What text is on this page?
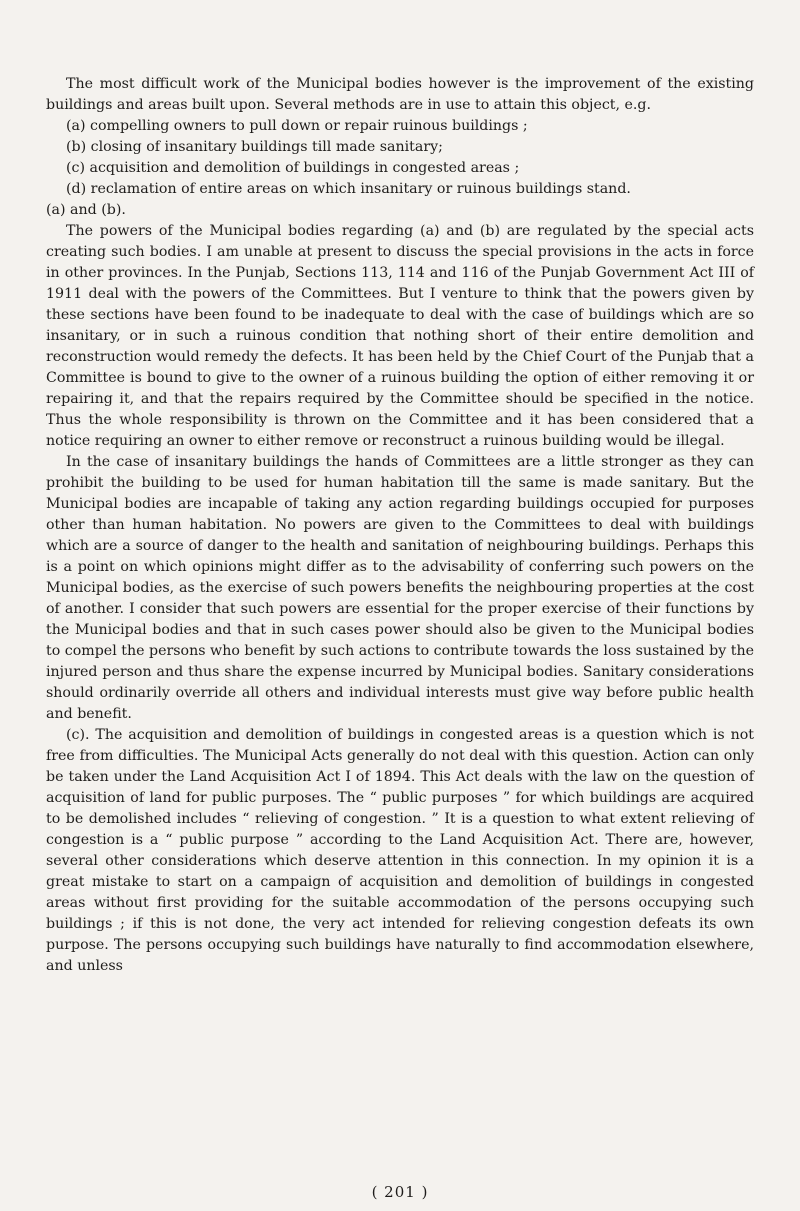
The most difficult work of the Municipal bodies however is the improvement of the existing buildings and areas built upon. Several methods are in use to attain this object, e.g.

(a) compelling owners to pull down or repair ruinous buildings ;

(b) closing of insanitary buildings till made sanitary;

(c) acquisition and demolition of buildings in congested areas ;

(d) reclamation of entire areas on which insanitary or ruinous buildings stand.

(a) and (b).

The powers of the Municipal bodies regarding (a) and (b) are regulated by the special acts creating such bodies. I am unable at present to discuss the special provisions in the acts in force in other provinces. In the Punjab, Sections 113, 114 and 116 of the Punjab Government Act III of 1911 deal with the powers of the Committees. But I venture to think that the powers given by these sections have been found to be inadequate to deal with the case of buildings which are so insanitary, or in such a ruinous condition that nothing short of their entire demolition and reconstruction would remedy the defects. It has been held by the Chief Court of the Punjab that a Committee is bound to give to the owner of a ruinous building the option of either removing it or repairing it, and that the repairs required by the Committee should be specified in the notice. Thus the whole responsibility is thrown on the Committee and it has been considered that a notice requiring an owner to either remove or reconstruct a ruinous building would be illegal.

In the case of insanitary buildings the hands of Committees are a little stronger as they can prohibit the building to be used for human habitation till the same is made sanitary. But the Municipal bodies are incapable of taking any action regarding buildings occupied for purposes other than human habitation. No powers are given to the Committees to deal with buildings which are a source of danger to the health and sanitation of neighbouring buildings. Perhaps this is a point on which opinions might differ as to the advisability of conferring such powers on the Municipal bodies, as the exercise of such powers benefits the neighbouring properties at the cost of another. I consider that such powers are essential for the proper exercise of their functions by the Municipal bodies and that in such cases power should also be given to the Municipal bodies to compel the persons who benefit by such actions to contribute towards the loss sustained by the injured person and thus share the expense incurred by Municipal bodies. Sanitary considerations should ordinarily override all others and individual interests must give way before public health and benefit.

(c). The acquisition and demolition of buildings in congested areas is a question which is not free from difficulties. The Municipal Acts generally do not deal with this question. Action can only be taken under the Land Acquisition Act I of 1894. This Act deals with the law on the question of acquisition of land for public purposes. The “ public purposes ” for which buildings are acquired to be demolished includes “ relieving of congestion. ” It is a question to what extent relieving of congestion is a “ public purpose ” according to the Land Acquisition Act. There are, however, several other considerations which deserve attention in this connection. In my opinion it is a great mistake to start on a campaign of acquisition and demolition of buildings in congested areas without first providing for the suitable accommodation of the persons occupying such buildings ; if this is not done, the very act intended for relieving congestion defeats its own purpose. The persons occupying such buildings have naturally to find accommodation elsewhere, and unless

( 201 )
